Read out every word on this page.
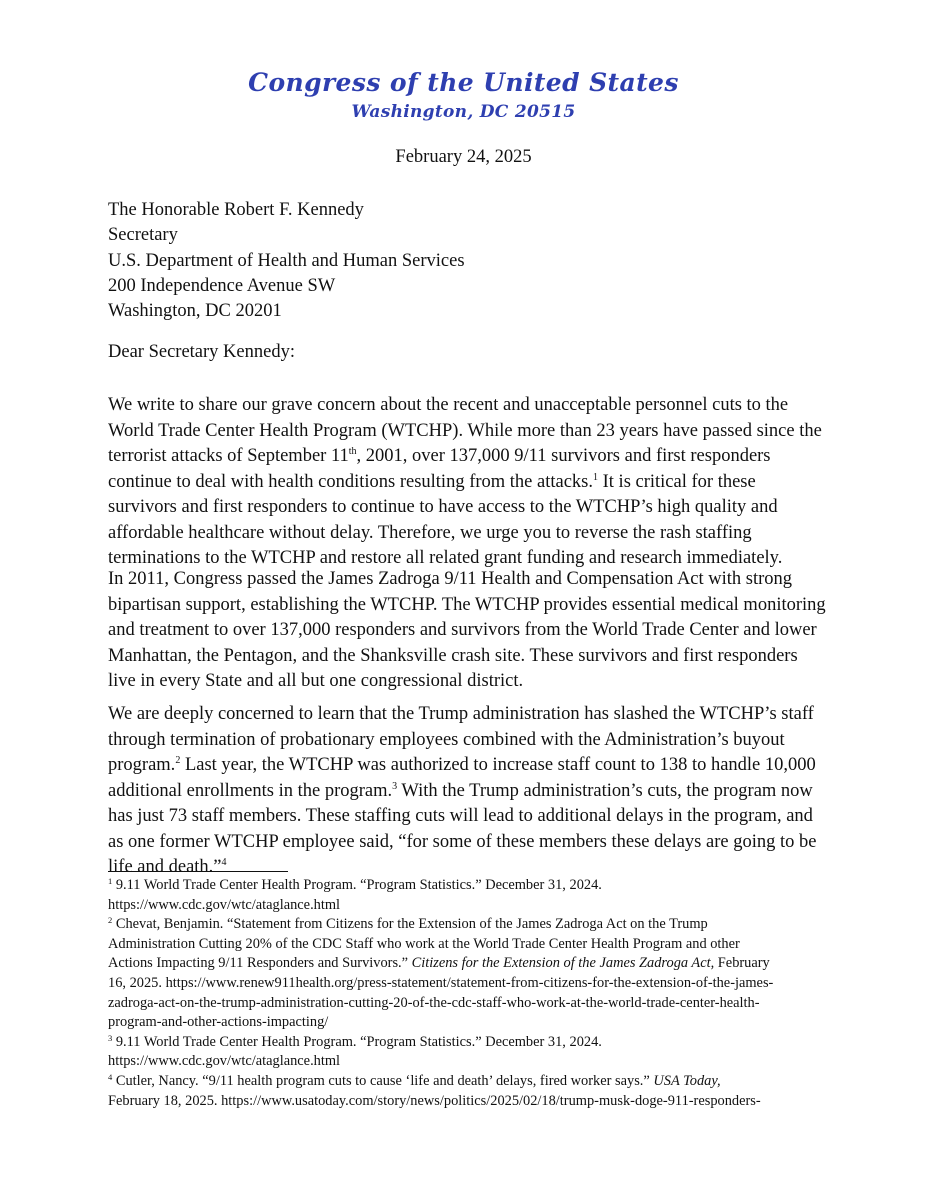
Congress of the United States
Washington, DC 20515
February 24, 2025
The Honorable Robert F. Kennedy
Secretary
U.S. Department of Health and Human Services
200 Independence Avenue SW
Washington, DC 20201
Dear Secretary Kennedy:
We write to share our grave concern about the recent and unacceptable personnel cuts to the
World Trade Center Health Program (WTCHP). While more than 23 years have passed since the
terrorist attacks of September 11th, 2001, over 137,000 9/11 survivors and first responders
continue to deal with health conditions resulting from the attacks.$^1$ It is critical for these
survivors and first responders to continue to have access to the WTCHP’s high quality and
affordable healthcare without delay. Therefore, we urge you to reverse the rash staffing
terminations to the WTCHP and restore all related grant funding and research immediately.
In 2011, Congress passed the James Zadroga 9/11 Health and Compensation Act with strong
bipartisan support, establishing the WTCHP. The WTCHP provides essential medical monitoring
and treatment to over 137,000 responders and survivors from the World Trade Center and lower
Manhattan, the Pentagon, and the Shanksville crash site. These survivors and first responders
live in every State and all but one congressional district.
We are deeply concerned to learn that the Trump administration has slashed the WTCHP’s staff
through termination of probationary employees combined with the Administration’s buyout
program.$^2$ Last year, the WTCHP was authorized to increase staff count to 138 to handle 10,000
additional enrollments in the program.$^3$ With the Trump administration’s cuts, the program now
has just 73 staff members. These staffing cuts will lead to additional delays in the program, and
as one former WTCHP employee said, “for some of these members these delays are going to be
life and death.”$^4$
$^1$ 9.11 World Trade Center Health Program. “Program Statistics.” December 31, 2024.
https://www.cdc.gov/wtc/ataglance.html
$^2$ Chevat, Benjamin. “Statement from Citizens for the Extension of the James Zadroga Act on the Trump
Administration Cutting 20% of the CDC Staff who work at the World Trade Center Health Program and other
Actions Impacting 9/11 Responders and Survivors.” Citizens for the Extension of the James Zadroga Act, February
16, 2025. https://www.renew911health.org/press-statement/statement-from-citizens-for-the-extension-of-the-james-
zadroga-act-on-the-trump-administration-cutting-20-of-the-cdc-staff-who-work-at-the-world-trade-center-health-
program-and-other-actions-impacting/
$^3$ 9.11 World Trade Center Health Program. “Program Statistics.” December 31, 2024.
https://www.cdc.gov/wtc/ataglance.html
$^4$ Cutler, Nancy. “9/11 health program cuts to cause ‘life and death’ delays, fired worker says.” USA Today,
February 18, 2025. https://www.usatoday.com/story/news/politics/2025/02/18/trump-musk-doge-911-responders-
